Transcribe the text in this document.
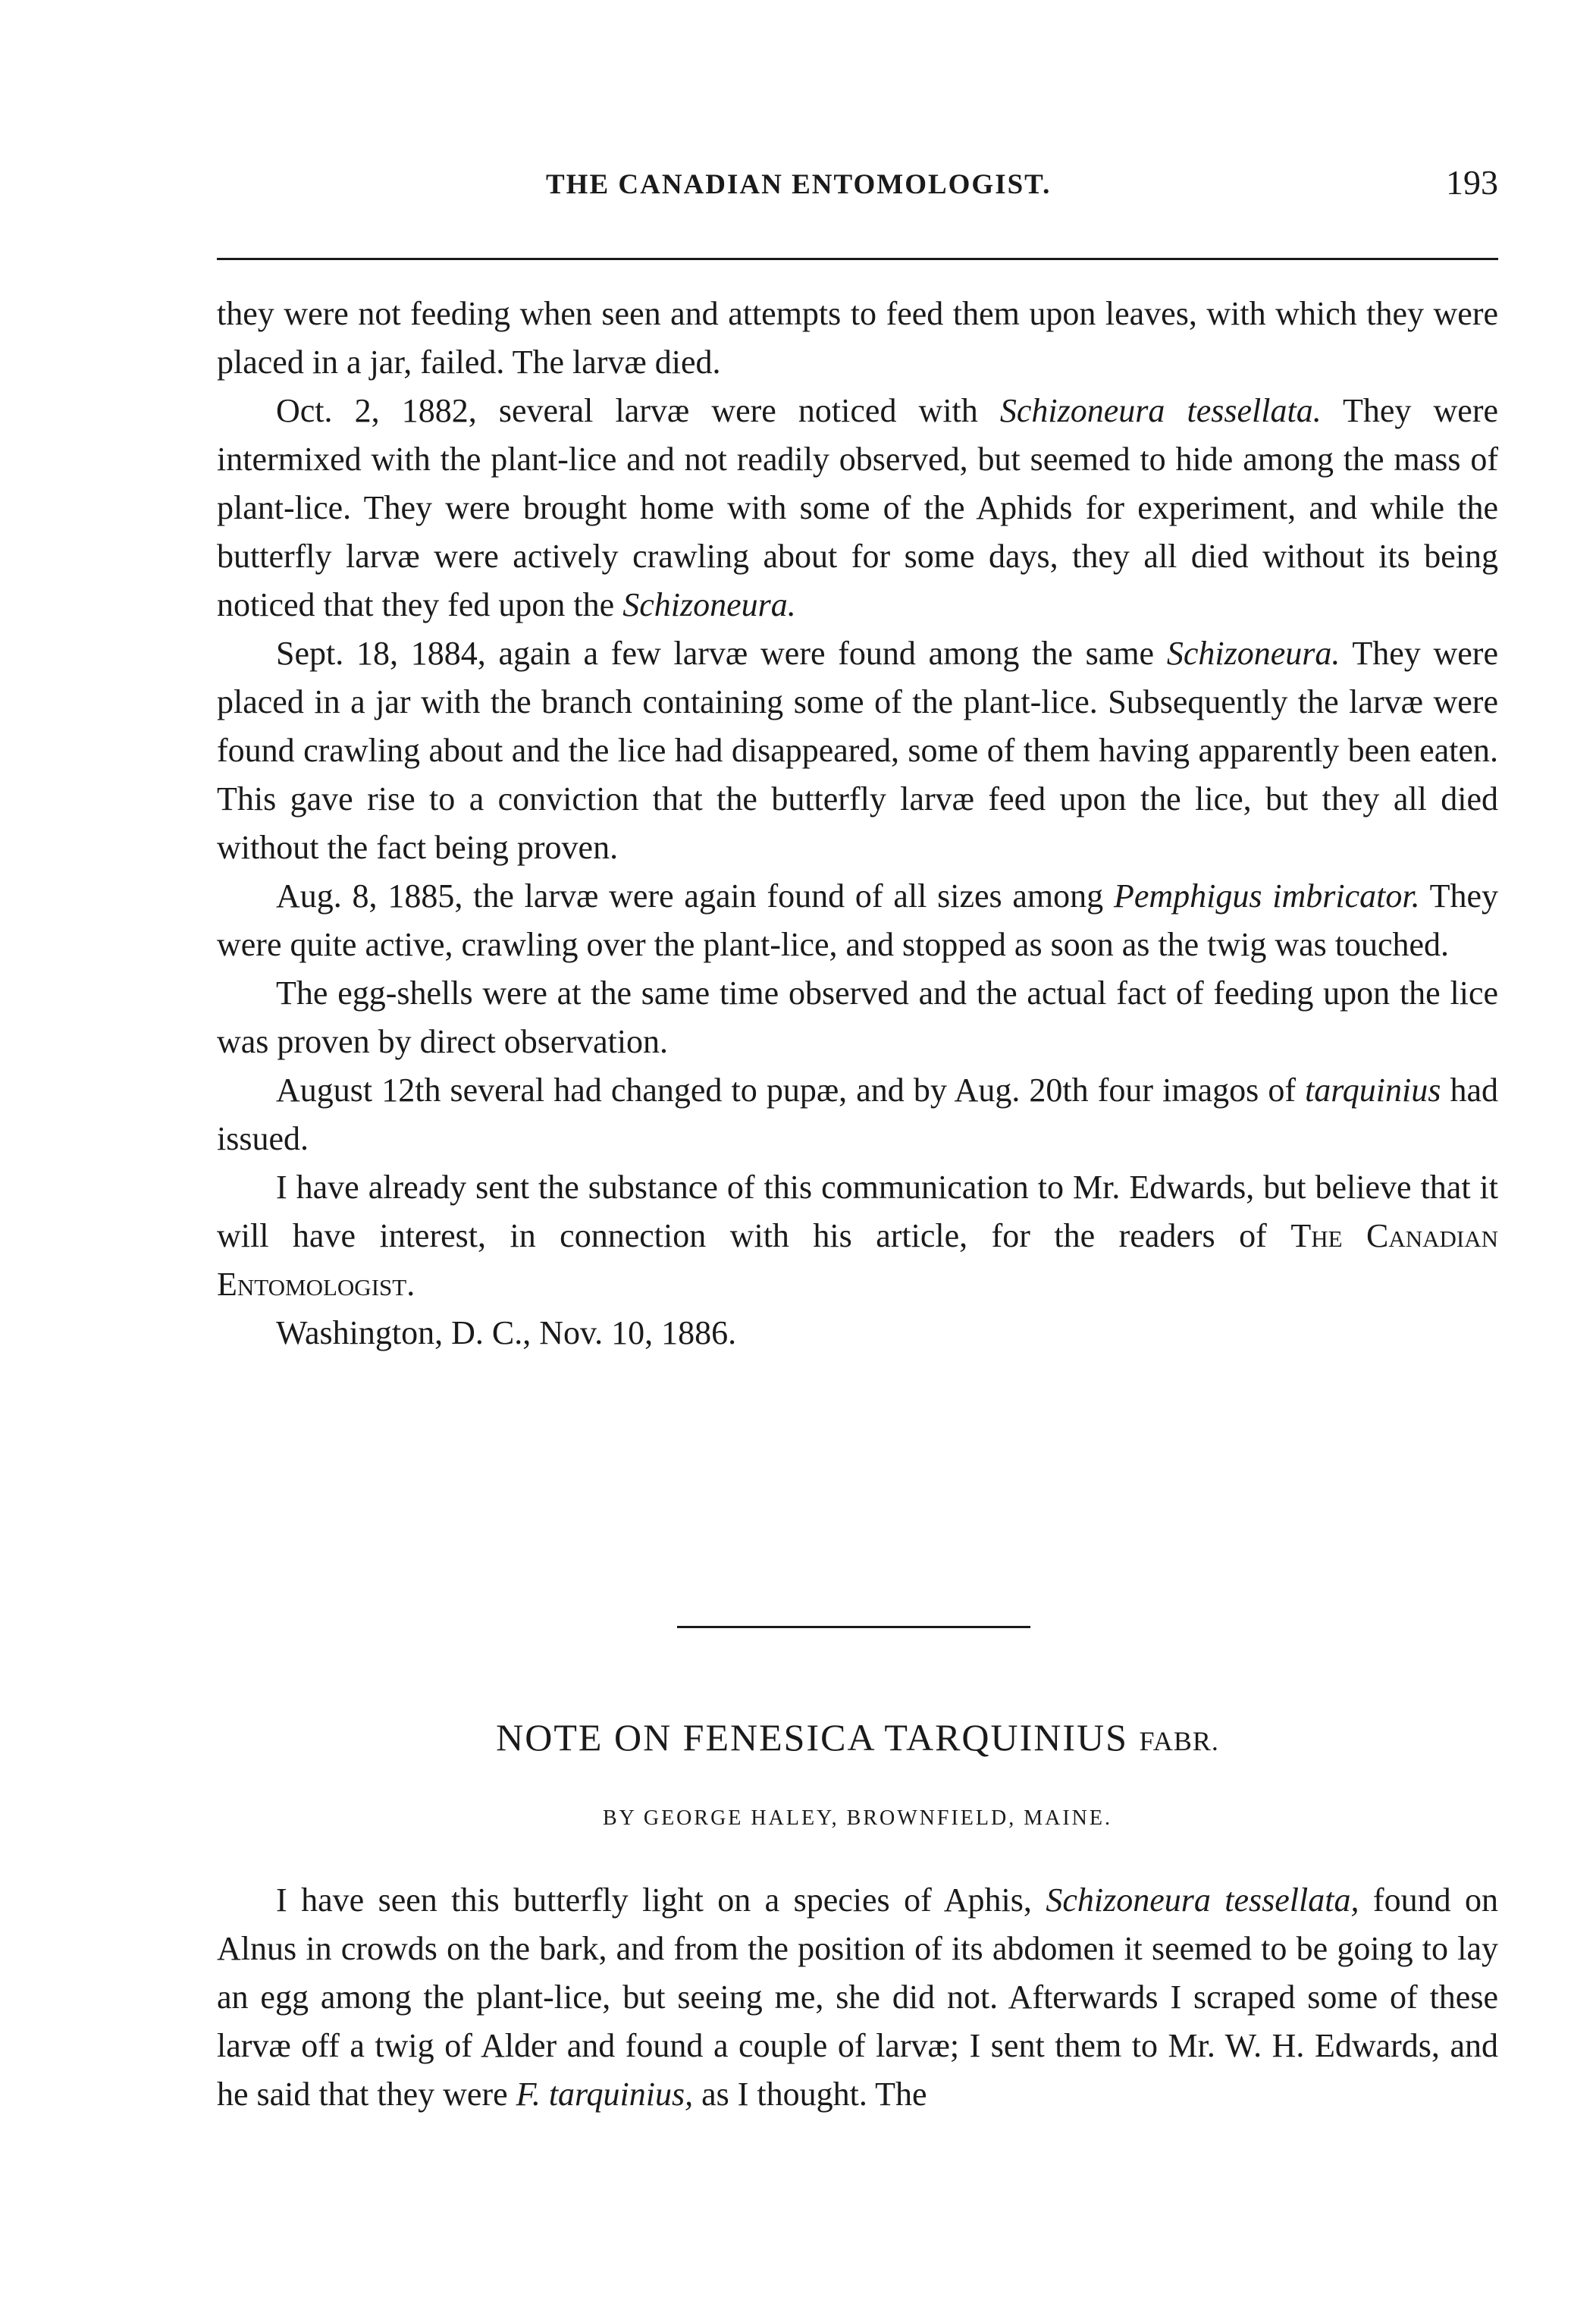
THE CANADIAN ENTOMOLOGIST.	193

they were not feeding when seen and attempts to feed them upon leaves, with which they were placed in a jar, failed. The larvæ died.

Oct. 2, 1882, several larvæ were noticed with Schizoneura tessellata. They were intermixed with the plant-lice and not readily observed, but seemed to hide among the mass of plant-lice. They were brought home with some of the Aphids for experiment, and while the butterfly larvæ were actively crawling about for some days, they all died without its being noticed that they fed upon the Schizoneura.

Sept. 18, 1884, again a few larvæ were found among the same Schizoneura. They were placed in a jar with the branch containing some of the plant-lice. Subsequently the larvæ were found crawling about and the lice had disappeared, some of them having apparently been eaten. This gave rise to a conviction that the butterfly larvæ feed upon the lice, but they all died without the fact being proven.

Aug. 8, 1885, the larvæ were again found of all sizes among Pemphigus imbricator. They were quite active, crawling over the plant-lice, and stopped as soon as the twig was touched.

The egg-shells were at the same time observed and the actual fact of feeding upon the lice was proven by direct observation.

August 12th several had changed to pupæ, and by Aug. 20th four imagos of tarquinius had issued.

I have already sent the substance of this communication to Mr. Edwards, but believe that it will have interest, in connection with his article, for the readers of The Canadian Entomologist.

Washington, D. C., Nov. 10, 1886.

NOTE ON FENESICA TARQUINIUS FABR.
BY GEORGE HALEY, BROWNFIELD, MAINE.

I have seen this butterfly light on a species of Aphis, Schizoneura tessellata, found on Alnus in crowds on the bark, and from the position of its abdomen it seemed to be going to lay an egg among the plant-lice, but seeing me, she did not. Afterwards I scraped some of these larvæ off a twig of Alder and found a couple of larvæ; I sent them to Mr. W. H. Edwards, and he said that they were F. tarquinius, as I thought. The
